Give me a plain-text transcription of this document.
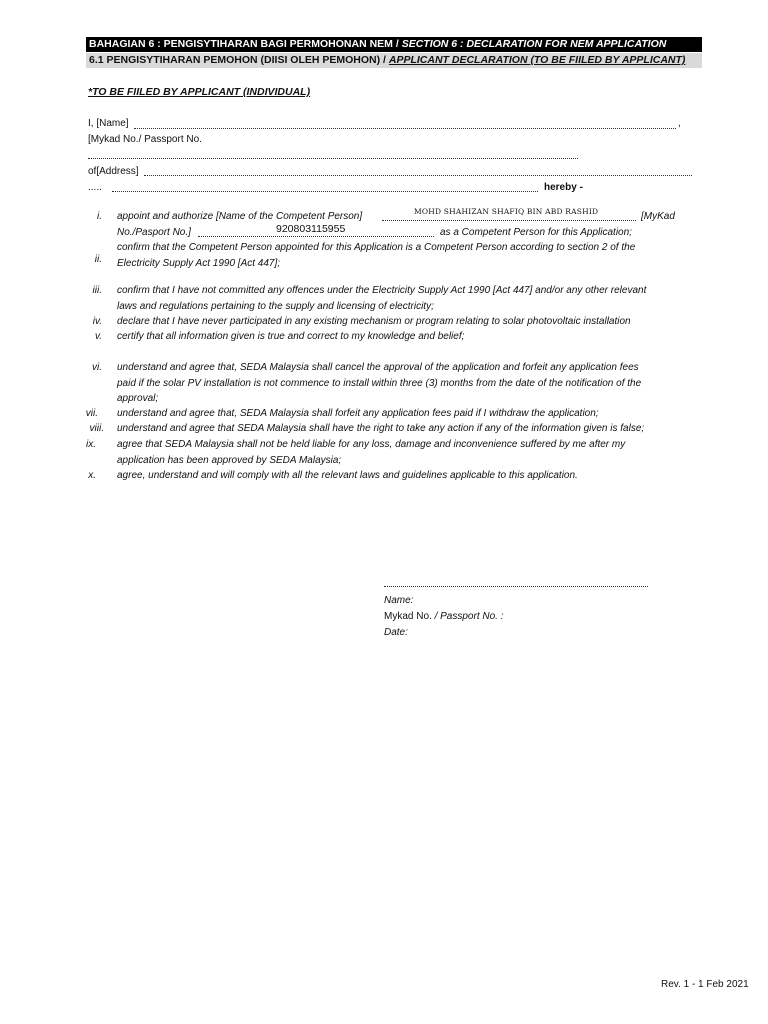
BAHAGIAN 6 : PENGISYTIHARAN BAGI PERMOHONAN NEM / SECTION 6 : DECLARATION FOR NEM APPLICATION
6.1 PENGISYTIHARAN PEMOHON (DIISI OLEH PEMOHON) / APPLICANT DECLARATION (TO BE FIILED BY APPLICANT)
*TO BE FIILED BY APPLICANT (INDIVIDUAL)
I, [Name]	,
[Mykad No./ Passport No.
of[Address]
.....	hereby -
i. appoint and authorize [Name of the Competent Person]	MOHD SHAHIZAN SHAFIQ BIN ABD RASHID	[MyKad
No./Pasport No.]	920803115955	as a Competent Person for this Application;
ii.
confirm that the Competent Person appointed for this Application is a Competent Person according to section 2 of the
Electricity Supply Act 1990 [Act 447];
iii. confirm that I have not committed any offences under the Electricity Supply Act 1990 [Act 447] and/or any other relevant
laws and regulations pertaining to the supply and licensing of electricity;
iv. declare that I have never participated in any existing mechanism or program relating to solar photovoltaic installation
v. certify that all information given is true and correct to my knowledge and belief;
vi. understand and agree that, SEDA Malaysia shall cancel the approval of the application and forfeit any application fees
paid if the solar PV installation is not commence to install within three (3) months from the date of the notification of the
approval;
vii. understand and agree that, SEDA Malaysia shall forfeit any application fees paid if I withdraw the application;
viii. understand and agree that SEDA Malaysia shall have the right to take any action if any of the information given is false;
ix. agree that SEDA Malaysia shall not be held liable for any loss, damage and inconvenience suffered by me after my
application has been approved by SEDA Malaysia;
x. agree, understand and will comply with all the relevant laws and guidelines applicable to this application.
Name:
Mykad No. / Passport No. :
Date:
Rev. 1 - 1 Feb 2021
